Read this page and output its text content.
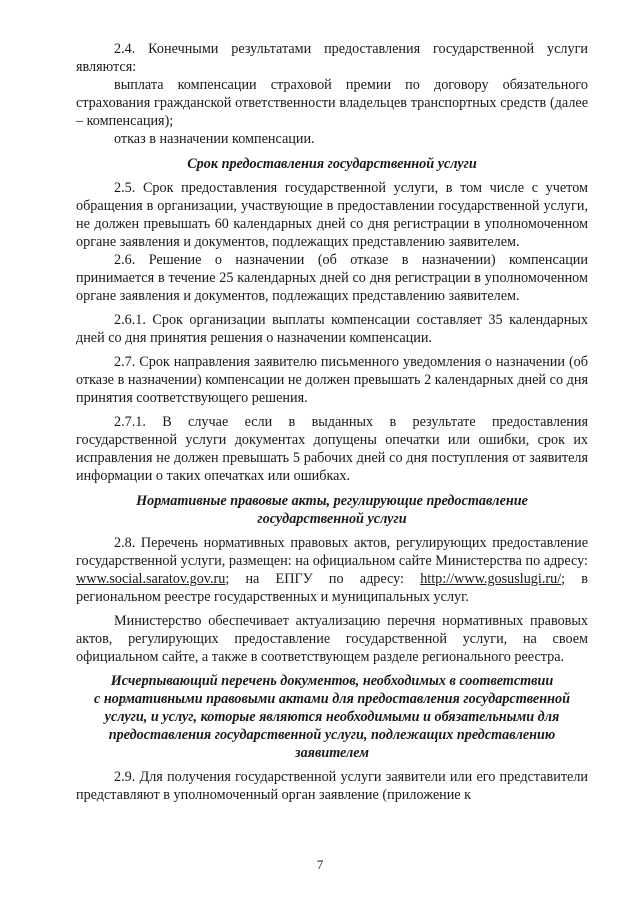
2.4. Конечными результатами предоставления государственной услуги являются:

выплата компенсации страховой премии по договору обязательного страхования гражданской ответственности владельцев транспортных средств (далее – компенсация);

отказ в назначении компенсации.

Срок предоставления государственной услуги

2.5. Срок предоставления государственной услуги, в том числе с учетом обращения в организации, участвующие в предоставлении государственной услуги, не должен превышать 60 календарных дней со дня регистрации в уполномоченном органе заявления и документов, подлежащих представлению заявителем.

2.6. Решение о назначении (об отказе в назначении) компенсации принимается в течение 25 календарных дней со дня регистрации в уполномоченном органе заявления и документов, подлежащих представлению заявителем.

2.6.1. Срок организации выплаты компенсации составляет 35 календарных дней со дня принятия решения о назначении компенсации.

2.7. Срок направления заявителю письменного уведомления о назначении (об отказе в назначении) компенсации не должен превышать 2 календарных дней со дня принятия соответствующего решения.

2.7.1. В случае если в выданных в результате предоставления государственной услуги документах допущены опечатки или ошибки, срок их исправления не должен превышать 5 рабочих дней со дня поступления от заявителя информации о таких опечатках или ошибках.

Нормативные правовые акты, регулирующие предоставление
государственной услуги

2.8. Перечень нормативных правовых актов, регулирующих предоставление государственной услуги, размещен: на официальном сайте Министерства по адресу: www.social.saratov.gov.ru; на ЕПГУ по адресу: http://www.gosuslugi.ru/; в региональном реестре государственных и муниципальных услуг.

Министерство обеспечивает актуализацию перечня нормативных правовых актов, регулирующих предоставление государственной услуги, на своем официальном сайте, а также в соответствующем разделе регионального реестра.

Исчерпывающий перечень документов, необходимых в соответствии
с нормативными правовыми актами для предоставления государственной
услуги, и услуг, которые являются необходимыми и обязательными для
предоставления государственной услуги, подлежащих представлению
заявителем

2.9. Для получения государственной услуги заявители или его представители представляют в уполномоченный орган заявление (приложение к

7
